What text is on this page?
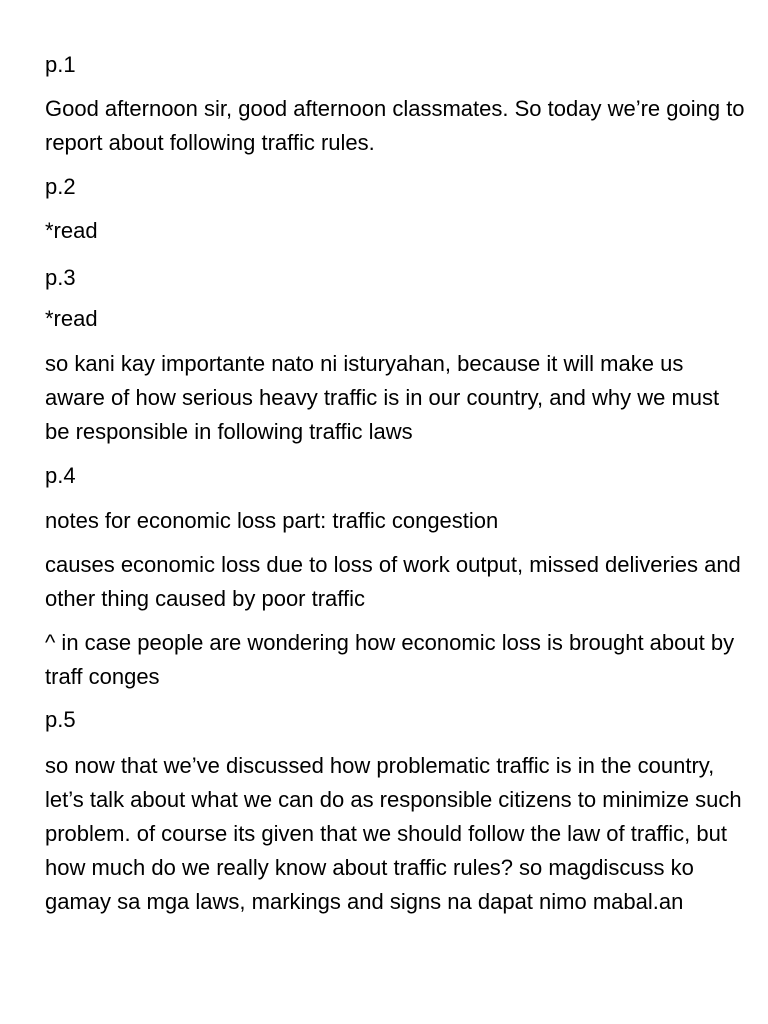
p.1

Good afternoon sir, good afternoon classmates. So today we’re going to report about following traffic rules.

p.2

*read

p.3

*read

so kani kay importante nato ni isturyahan, because it will make us aware of how serious heavy traffic is in our country, and why we must be responsible in following traffic laws

p.4

notes for economic loss part: traffic congestion

causes economic loss due to loss of work output, missed deliveries and other thing caused by poor traffic

^ in case people are wondering how economic loss is brought about by traff conges

p.5

so now that we’ve discussed how problematic traffic is in the country, let’s talk about what we can do as responsible citizens to minimize such problem. of course its given that we should follow the law of traffic, but how much do we really know about traffic rules? so magdiscuss ko gamay sa mga laws, markings and signs na dapat nimo mabal.an
